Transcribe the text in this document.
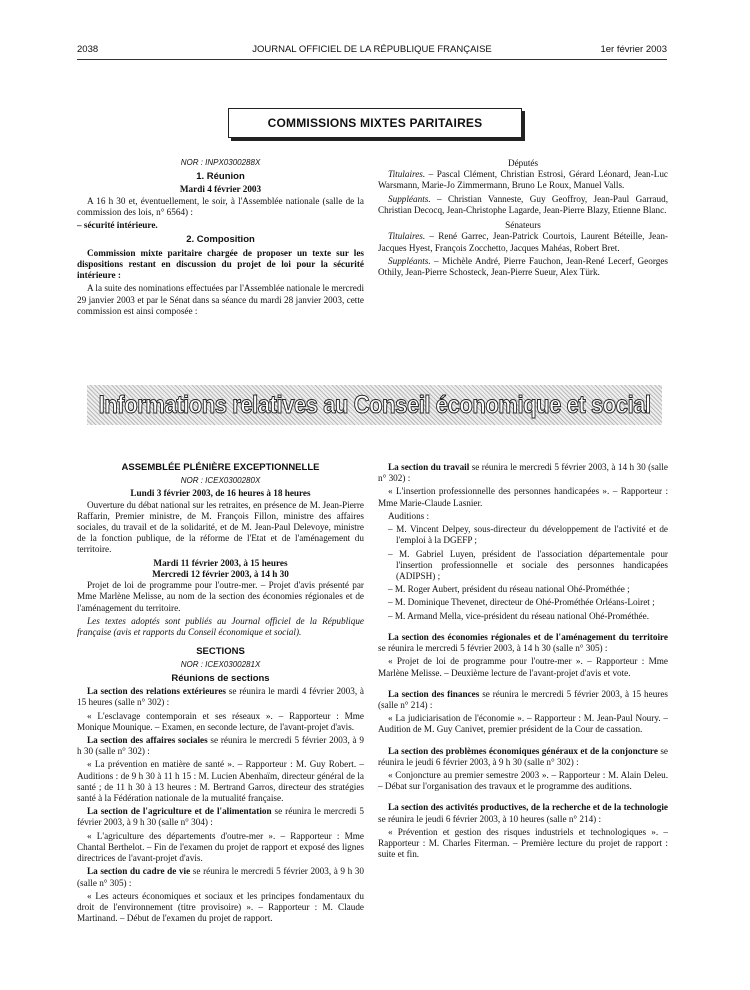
2038	JOURNAL OFFICIEL DE LA RÉPUBLIQUE FRANÇAISE	1er février 2003
COMMISSIONS MIXTES PARITAIRES
NOR : INPX0300288X
1. Réunion
Mardi 4 février 2003

A 16 h 30 et, éventuellement, le soir, à l'Assemblée nationale (salle de la commission des lois, n° 6564) :

– sécurité intérieure.

2. Composition

Commission mixte paritaire chargée de proposer un texte sur les dispositions restant en discussion du projet de loi pour la sécurité intérieure :

A la suite des nominations effectuées par l'Assemblée nationale le mercredi 29 janvier 2003 et par le Sénat dans sa séance du mardi 28 janvier 2003, cette commission est ainsi composée :

Députés

Titulaires. – Pascal Clément, Christian Estrosi, Gérard Léonard, Jean-Luc Warsmann, Marie-Jo Zimmermann, Bruno Le Roux, Manuel Valls.

Suppléants. – Christian Vanneste, Guy Geoffroy, Jean-Paul Garraud, Christian Decocq, Jean-Christophe Lagarde, Jean-Pierre Blazy, Etienne Blanc.

Sénateurs

Titulaires. – René Garrec, Jean-Patrick Courtois, Laurent Béteille, Jean-Jacques Hyest, François Zocchetto, Jacques Mahéas, Robert Bret.

Suppléants. – Michèle André, Pierre Fauchon, Jean-René Lecerf, Georges Othily, Jean-Pierre Schosteck, Jean-Pierre Sueur, Alex Türk.

Informations relatives au Conseil économique et social
ASSEMBLÉE PLÉNIÈRE EXCEPTIONNELLE
NOR : ICEX0300280X
Lundi 3 février 2003, de 16 heures à 18 heures

Ouverture du débat national sur les retraites, en présence de M. Jean-Pierre Raffarin, Premier ministre, de M. François Fillon, ministre des affaires sociales, du travail et de la solidarité, et de M. Jean-Paul Delevoye, ministre de la fonction publique, de la réforme de l'Etat et de l'aménagement du territoire.

Mardi 11 février 2003, à 15 heures
Mercredi 12 février 2003, à 14 h 30

Projet de loi de programme pour l'outre-mer. – Projet d'avis présenté par Mme Marlène Melisse, au nom de la section des économies régionales et de l'aménagement du territoire.

Les textes adoptés sont publiés au Journal officiel de la République française (avis et rapports du Conseil économique et social).

SECTIONS
NOR : ICEX0300281X
Réunions de sections

La section des relations extérieures se réunira le mardi 4 février 2003, à 15 heures (salle n° 302) :

« L'esclavage contemporain et ses réseaux ». – Rapporteur : Mme Monique Mounique. – Examen, en seconde lecture, de l'avant-projet d'avis.

La section des affaires sociales se réunira le mercredi 5 février 2003, à 9 h 30 (salle n° 302) :

« La prévention en matière de santé ». – Rapporteur : M. Guy Robert. – Auditions : de 9 h 30 à 11 h 15 : M. Lucien Abenhaïm, directeur général de la santé ; de 11 h 30 à 13 heures : M. Bertrand Garros, directeur des stratégies santé à la Fédération nationale de la mutualité française.

La section de l'agriculture et de l'alimentation se réunira le mercredi 5 février 2003, à 9 h 30 (salle n° 304) :

« L'agriculture des départements d'outre-mer ». – Rapporteur : Mme Chantal Berthelot. – Fin de l'examen du projet de rapport et exposé des lignes directrices de l'avant-projet d'avis.

La section du cadre de vie se réunira le mercredi 5 février 2003, à 9 h 30 (salle n° 305) :

« Les acteurs économiques et sociaux et les principes fondamentaux du droit de l'environnement (titre provisoire) ». – Rapporteur : M. Claude Martinand. – Début de l'examen du projet de rapport.

La section du travail se réunira le mercredi 5 février 2003, à 14 h 30 (salle n° 302) :

« L'insertion professionnelle des personnes handicapées ». – Rapporteur : Mme Marie-Claude Lasnier.

Auditions :

– M. Vincent Delpey, sous-directeur du développement de l'activité et de l'emploi à la DGEFP ;
– M. Gabriel Luyen, président de l'association départementale pour l'insertion professionnelle et sociale des personnes handicapées (ADIPSH) ;
– M. Roger Aubert, président du réseau national Ohé-Prométhée ;
– M. Dominique Thevenet, directeur de Ohé-Prométhée Orléans-Loiret ;
– M. Armand Mella, vice-président du réseau national Ohé-Prométhée.

La section des économies régionales et de l'aménagement du territoire se réunira le mercredi 5 février 2003, à 14 h 30 (salle n° 305) :

« Projet de loi de programme pour l'outre-mer ». – Rapporteur : Mme Marlène Melisse. – Deuxième lecture de l'avant-projet d'avis et vote.

La section des finances se réunira le mercredi 5 février 2003, à 15 heures (salle n° 214) :

« La judiciarisation de l'économie ». – Rapporteur : M. Jean-Paul Noury. – Audition de M. Guy Canivet, premier président de la Cour de cassation.

La section des problèmes économiques généraux et de la conjoncture se réunira le jeudi 6 février 2003, à 9 h 30 (salle n° 302) :

« Conjoncture au premier semestre 2003 ». – Rapporteur : M. Alain Deleu. – Débat sur l'organisation des travaux et le programme des auditions.

La section des activités productives, de la recherche et de la technologie se réunira le jeudi 6 février 2003, à 10 heures (salle n° 214) :

« Prévention et gestion des risques industriels et technologiques ». – Rapporteur : M. Charles Fiterman. – Première lecture du projet de rapport : suite et fin.
